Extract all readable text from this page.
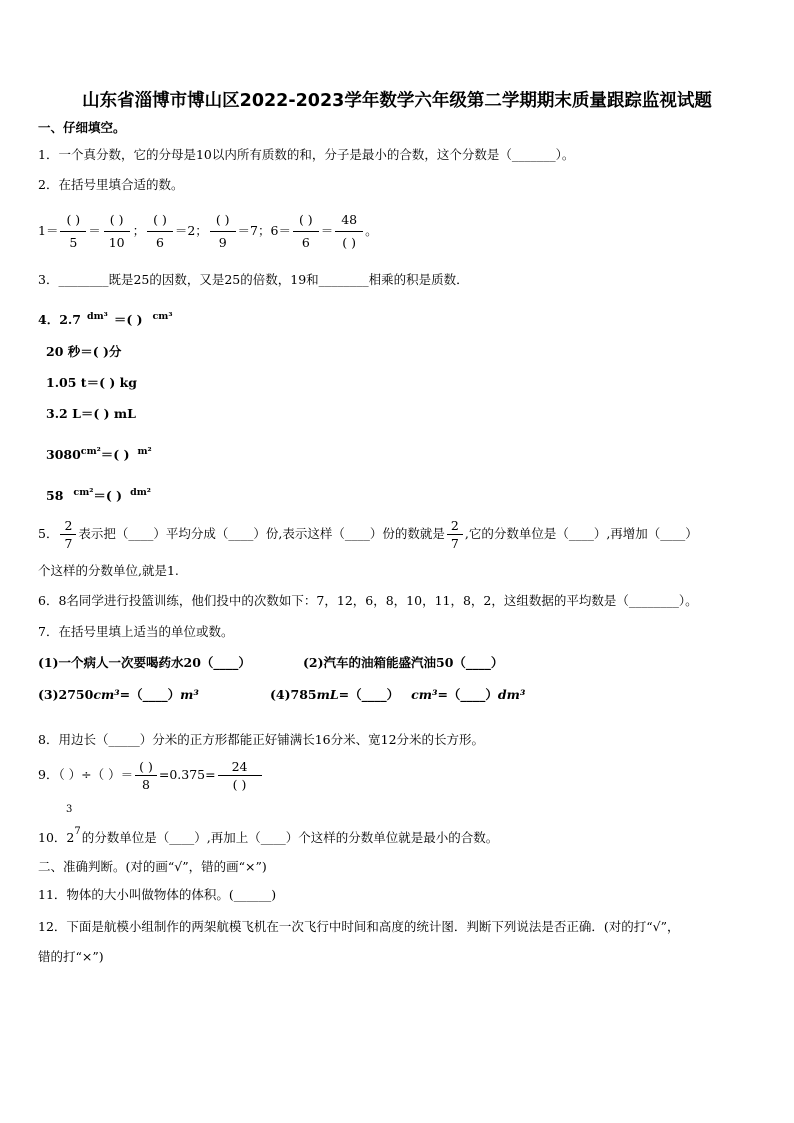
山东省淄博市博山区2022-2023学年数学六年级第二学期期末质量跟踪监视试题
一、仔细填空。
1．一个真分数，它的分母是10以内所有质数的和，分子是最小的合数，这个分数是（_______）。
2．在括号里填合适的数。
$1= \frac{( )}{5} = \frac{( )}{10}$ ； $\frac{( )}{6} =2$； $\frac{( )}{9} =7$；$6= \frac{( )}{6} = \frac{48}{( )}$ 。
3．________既是25的因数，又是25的倍数，19和________相乘的积是质数．
4．2.7 $^{dm^3}$ ＝( ) $^{cm^3}$
20 秒＝( )分
1.05 t＝( ) kg
3.2 L＝( ) mL
$3080^{cm^2}=$( ) $^{m^2}$
58 $^{cm^2}$＝( ) $^{dm^2}$
5． $\frac{2}{7}$ 表示把（____）平均分成（____）份,表示这样（____）份的数就是 $\frac{2}{7}$ ,它的分数单位是（____）,再增加（____）
个这样的分数单位,就是1.
6．8名同学进行投篮训练，他们投中的次数如下：7，12，6，8，10，11，8，2，这组数据的平均数是（________）。
7．在括号里填上适当的单位或数。
(1)一个病人一次要喝药水20（____）	(2)汽车的油箱能盛汽油50（____）
(3)2750cm³=（____）m³	(4)785mL=（____） cm³=（____）dm³
8．用边长（_____）分米的正方形都能正好铺满长16分米、宽12分米的长方形。
9．（ ）÷（ ）＝ $\frac{( )}{8} =0.375= \frac{24}{( )}$
3
10．2 7 的分数单位是（____）,再加上（____）个这样的分数单位就是最小的合数。
二、准确判断。(对的画“√”，错的画“×”)
11．物体的大小叫做物体的体积。(______)
12．下面是航模小组制作的两架航模飞机在一次飞行中时间和高度的统计图．判断下列说法是否正确．(对的打“√”，
错的打“×”)
